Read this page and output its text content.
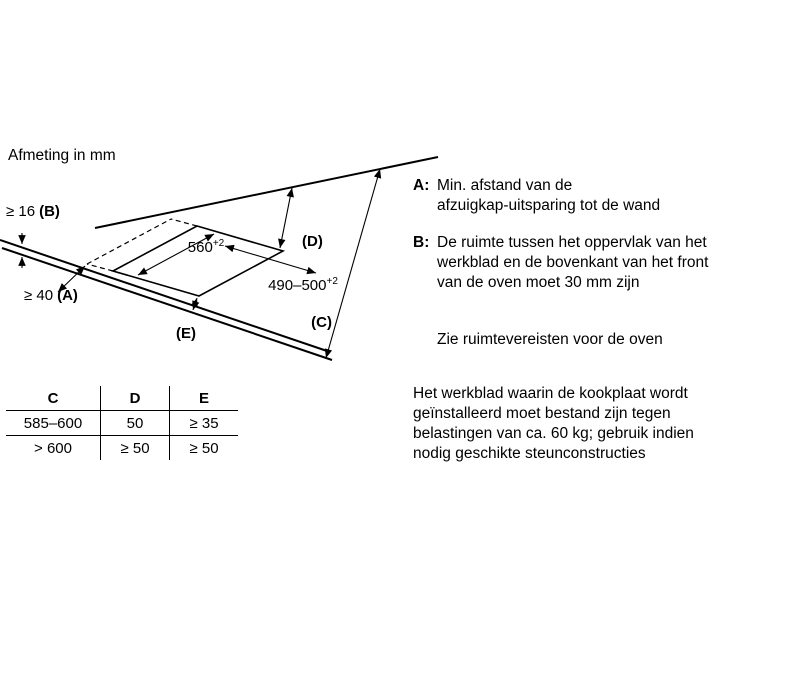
Afmeting in mm
≥ 16 (B)
≥ 40 (A)
$560^{+2}$
$490-500^{+2}$
(D)
(C)
(E)
C	D	E
585–600	50	≥ 35
> 600	≥ 50	≥ 50
A: Min. afstand van de
afzuigkap-uitsparing tot de wand
B: De ruimte tussen het oppervlak van het
werkblad en de bovenkant van het front
van de oven moet 30 mm zijn
Zie ruimtevereisten voor de oven
Het werkblad waarin de kookplaat wordt
geïnstalleerd moet bestand zijn tegen
belastingen van ca. 60 kg; gebruik indien
nodig geschikte steunconstructies
